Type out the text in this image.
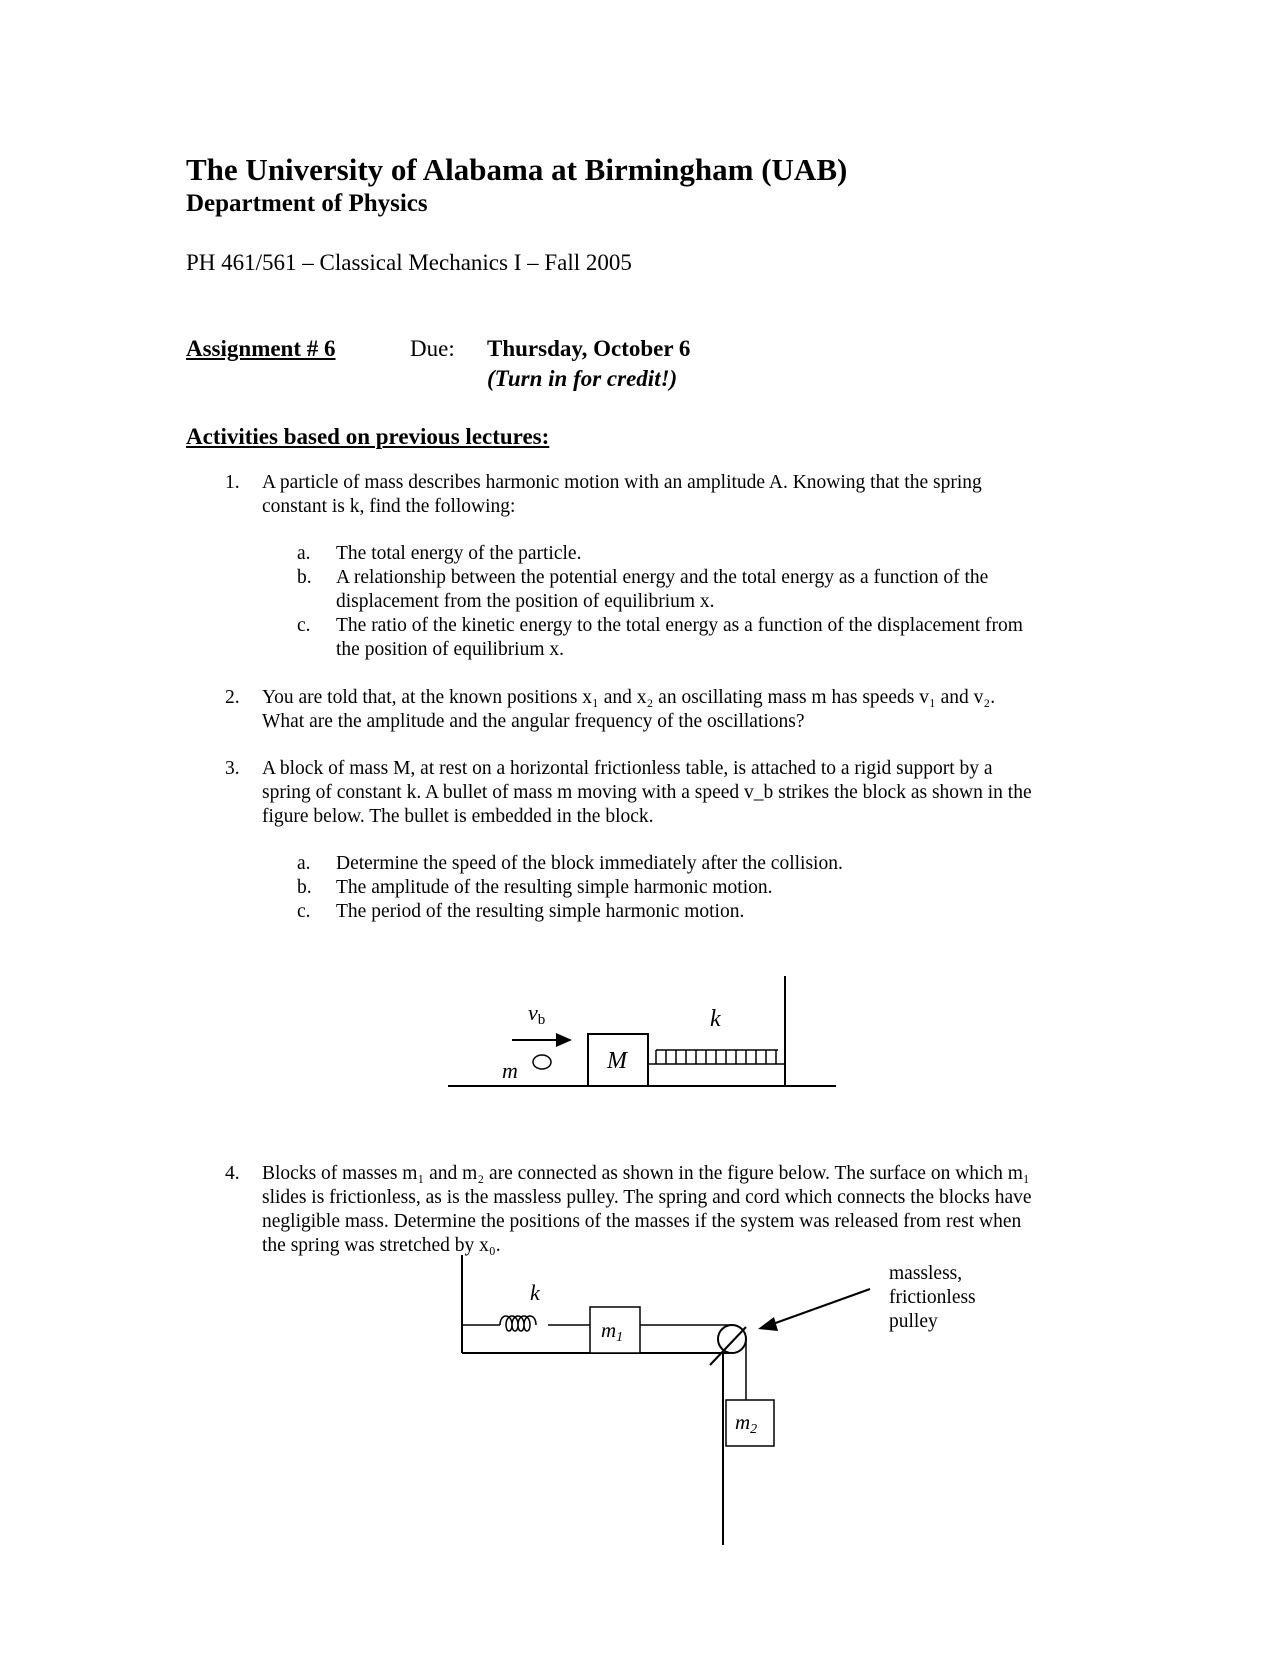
The University of Alabama at Birmingham (UAB)
Department of Physics
PH 461/561 – Classical Mechanics I – Fall 2005
Assignment # 6	Due: Thursday, October 6
(Turn in for credit!)
Activities based on previous lectures:
1. A particle of mass describes harmonic motion with an amplitude A. Knowing that the spring
constant is k, find the following:
a. The total energy of the particle.
b. A relationship between the potential energy and the total energy as a function of the
displacement from the position of equilibrium x.
c. The ratio of the kinetic energy to the total energy as a function of the displacement from
the position of equilibrium x.
2. You are told that, at the known positions x₁ and x₂ an oscillating mass m has speeds v₁ and v₂.
What are the amplitude and the angular frequency of the oscillations?
3. A block of mass M, at rest on a horizontal frictionless table, is attached to a rigid support by a
spring of constant k. A bullet of mass m moving with a speed v_b strikes the block as shown in the
figure below. The bullet is embedded in the block.
a. Determine the speed of the block immediately after the collision.
b. The amplitude of the resulting simple harmonic motion.
c. The period of the resulting simple harmonic motion.
M
k
m
vb
4. Blocks of masses m₁ and m₂ are connected as shown in the figure below. The surface on which m₁
slides is frictionless, as is the massless pulley. The spring and cord which connects the blocks have
negligible mass. Determine the positions of the masses if the system was released from rest when
the spring was stretched by x₀.
k
m1
m2
massless,
frictionless
pulley
